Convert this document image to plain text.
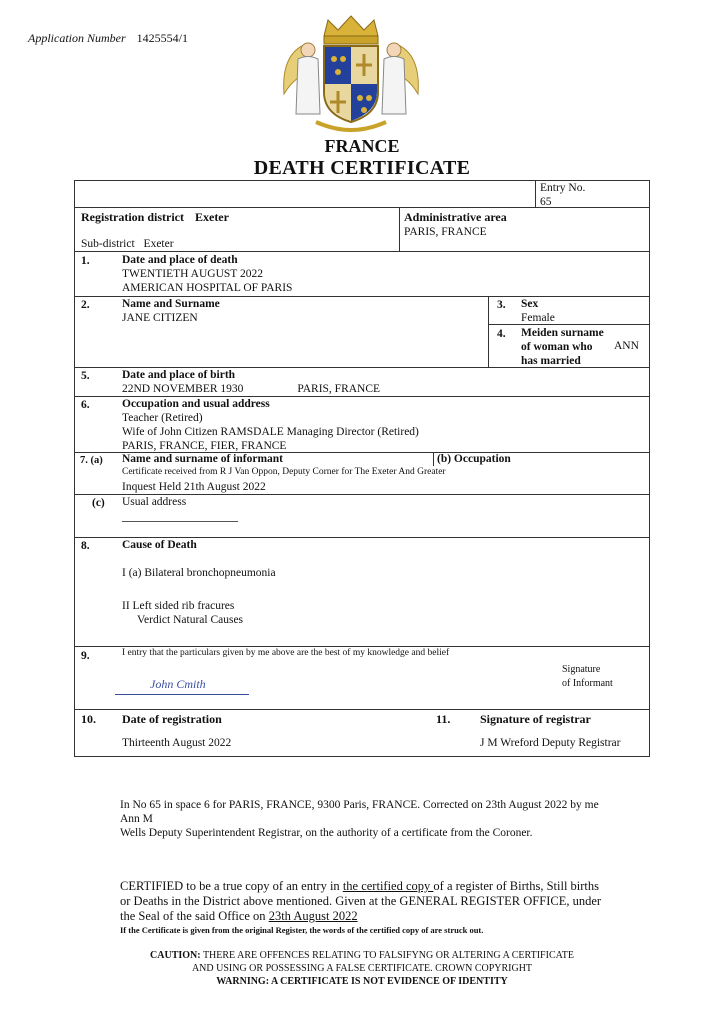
Application Number 1425554/1
FRANCE
DEATH CERTIFICATE
Entry No.
65
Registration district Exeter
Sub-district Exeter
Administrative area
PARIS, FRANCE
1.	Date and place of death
TWENTIETH AUGUST 2022
AMERICAN HOSPITAL OF PARIS
2.	Name and Surname
JANE CITIZEN
3. Sex
Female
4. Meiden surname
of woman who
has married
ANN
5.	Date and place of birth
22ND NOVEMBER 1930	PARIS, FRANCE
6.	Occupation and usual address
Teacher (Retired)
Wife of John Citizen RAMSDALE Managing Director (Retired)
PARIS, FRANCE, FIER, FRANCE
7. (a) Name and surname of informant	(b) Occupation
Certificate received from R J Van Oppon, Deputy Corner for The Exeter And Greater
Inquest Held 21th August 2022
(c) Usual address
8.	Cause of Death
I (a) Bilateral bronchopneumonia
II Left sided rib fracures
Verdict Natural Causes
9.	I entry that the particulars given by me above are the best of my knowledge and belief
Signature
of Informant
John Cmith
10. Date of registration
Thirteenth August 2022
11. Signature of registrar
J M Wreford Deputy Registrar
In No 65 in space 6 for PARIS, FRANCE, 9300 Paris, FRANCE. Corrected on 23th August 2022 by me
Ann M
Wells Deputy Superintendent Registrar, on the authority of a certificate from the Coroner.
CERTIFIED to be a true copy of an entry in the certified copy of a register of Births, Still births
or Deaths in the District above mentioned. Given at the GENERAL REGISTER OFFICE, under
the Seal of the said Office on 23th August 2022
If the Certificate is given from the original Register, the words of the certified copy of are struck out.
CAUTION: THERE ARE OFFENCES RELATING TO FALSIFYNG OR ALTERING A CERTIFICATE
AND USING OR POSSESSING A FALSE CERTIFICATE. CROWN COPYRIGHT
WARNING: A CERTIFICATE IS NOT EVIDENCE OF IDENTITY
